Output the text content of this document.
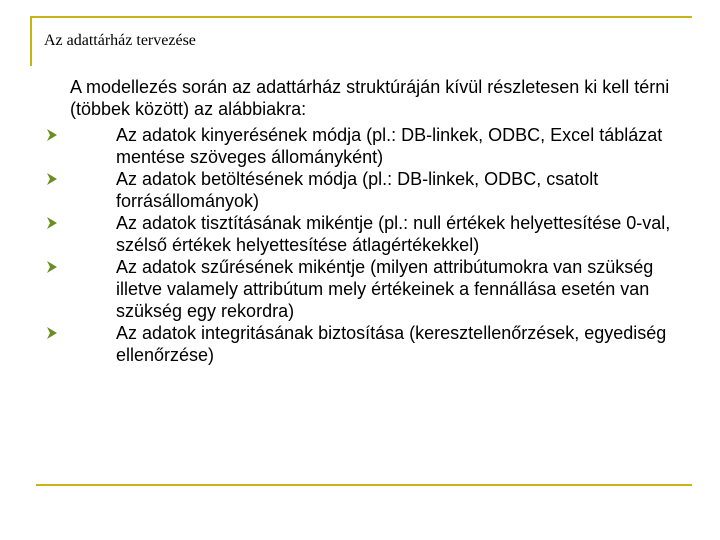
Az adattárház tervezése
A modellezés során az adattárház struktúráján kívül részletesen ki kell térni (többek között) az alábbiakra:
Az adatok kinyerésének módja (pl.: DB-linkek, ODBC, Excel táblázat mentése szöveges állományként)
Az adatok betöltésének módja (pl.: DB-linkek, ODBC, csatolt forrásállományok)
Az adatok tisztításának mikéntje (pl.: null értékek helyettesítése 0-val, szélső értékek helyettesítése átlagértékekkel)
Az adatok szűrésének mikéntje (milyen attribútumokra van szükség illetve valamely attribútum mely értékeinek a fennállása esetén van szükség egy rekordra)
Az adatok integritásának biztosítása (keresztellenőrzések, egyediség ellenőrzése)
